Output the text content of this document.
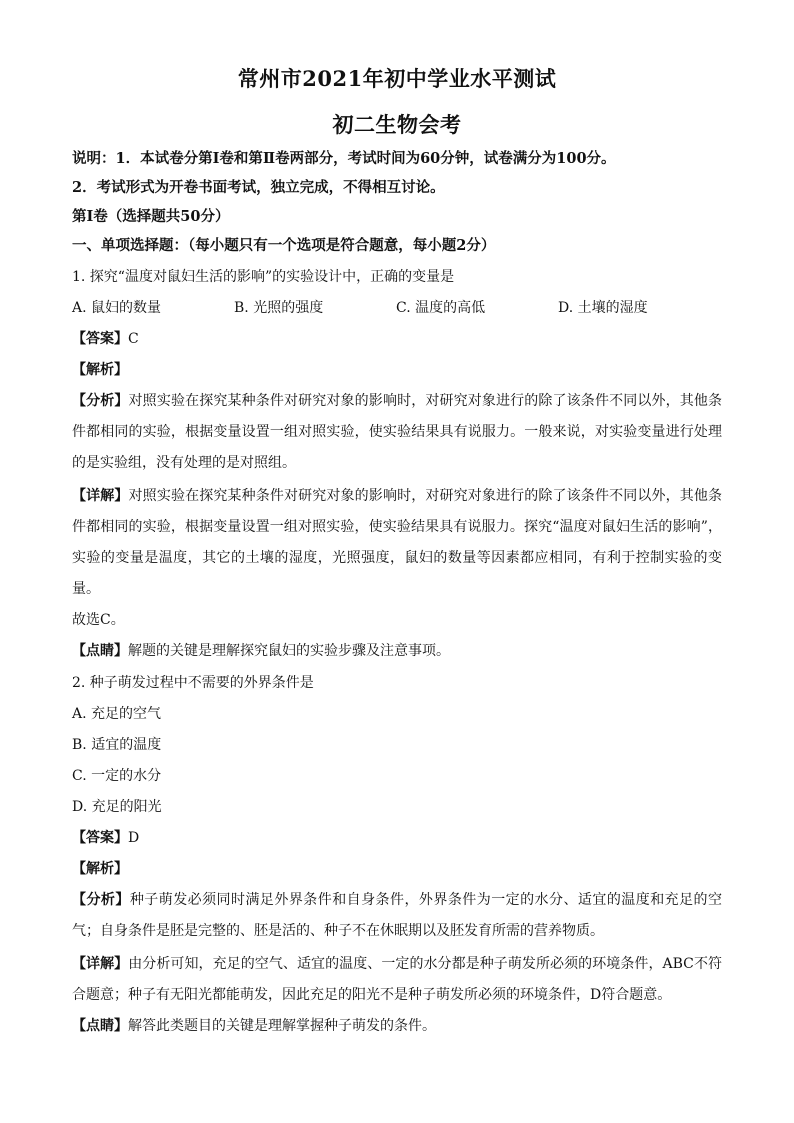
常州市2021年初中学业水平测试
初二生物会考
说明：1．本试卷分第Ⅰ卷和第Ⅱ卷两部分，考试时间为60分钟，试卷满分为100分。
2．考试形式为开卷书面考试，独立完成，不得相互讨论。
第Ⅰ卷（选择题共50分）
一、单项选择题：（每小题只有一个选项是符合题意，每小题2分）
1. 探究“温度对鼠妇生活的影响”的实验设计中，正确的变量是
A. 鼠妇的数量	B. 光照的强度	C. 温度的高低	D. 土壤的湿度
【答案】C
【解析】
【分析】对照实验在探究某种条件对研究对象的影响时，对研究对象进行的除了该条件不同以外，其他条件都相同的实验，根据变量设置一组对照实验，使实验结果具有说服力。一般来说，对实验变量进行处理的是实验组，没有处理的是对照组。
【详解】对照实验在探究某种条件对研究对象的影响时，对研究对象进行的除了该条件不同以外，其他条件都相同的实验，根据变量设置一组对照实验，使实验结果具有说服力。探究“温度对鼠妇生活的影响”，实验的变量是温度，其它的土壤的湿度，光照强度，鼠妇的数量等因素都应相同，有利于控制实验的变量。
故选C。
【点睛】解题的关键是理解探究鼠妇的实验步骤及注意事项。
2. 种子萌发过程中不需要的外界条件是
A. 充足的空气
B. 适宜的温度
C. 一定的水分
D. 充足的阳光
【答案】D
【解析】
【分析】种子萌发必须同时满足外界条件和自身条件，外界条件为一定的水分、适宜的温度和充足的空气；自身条件是胚是完整的、胚是活的、种子不在休眠期以及胚发育所需的营养物质。
【详解】由分析可知，充足的空气、适宜的温度、一定的水分都是种子萌发所必须的环境条件，ABC不符合题意；种子有无阳光都能萌发，因此充足的阳光不是种子萌发所必须的环境条件，D符合题意。
【点睛】解答此类题目的关键是理解掌握种子萌发的条件。
